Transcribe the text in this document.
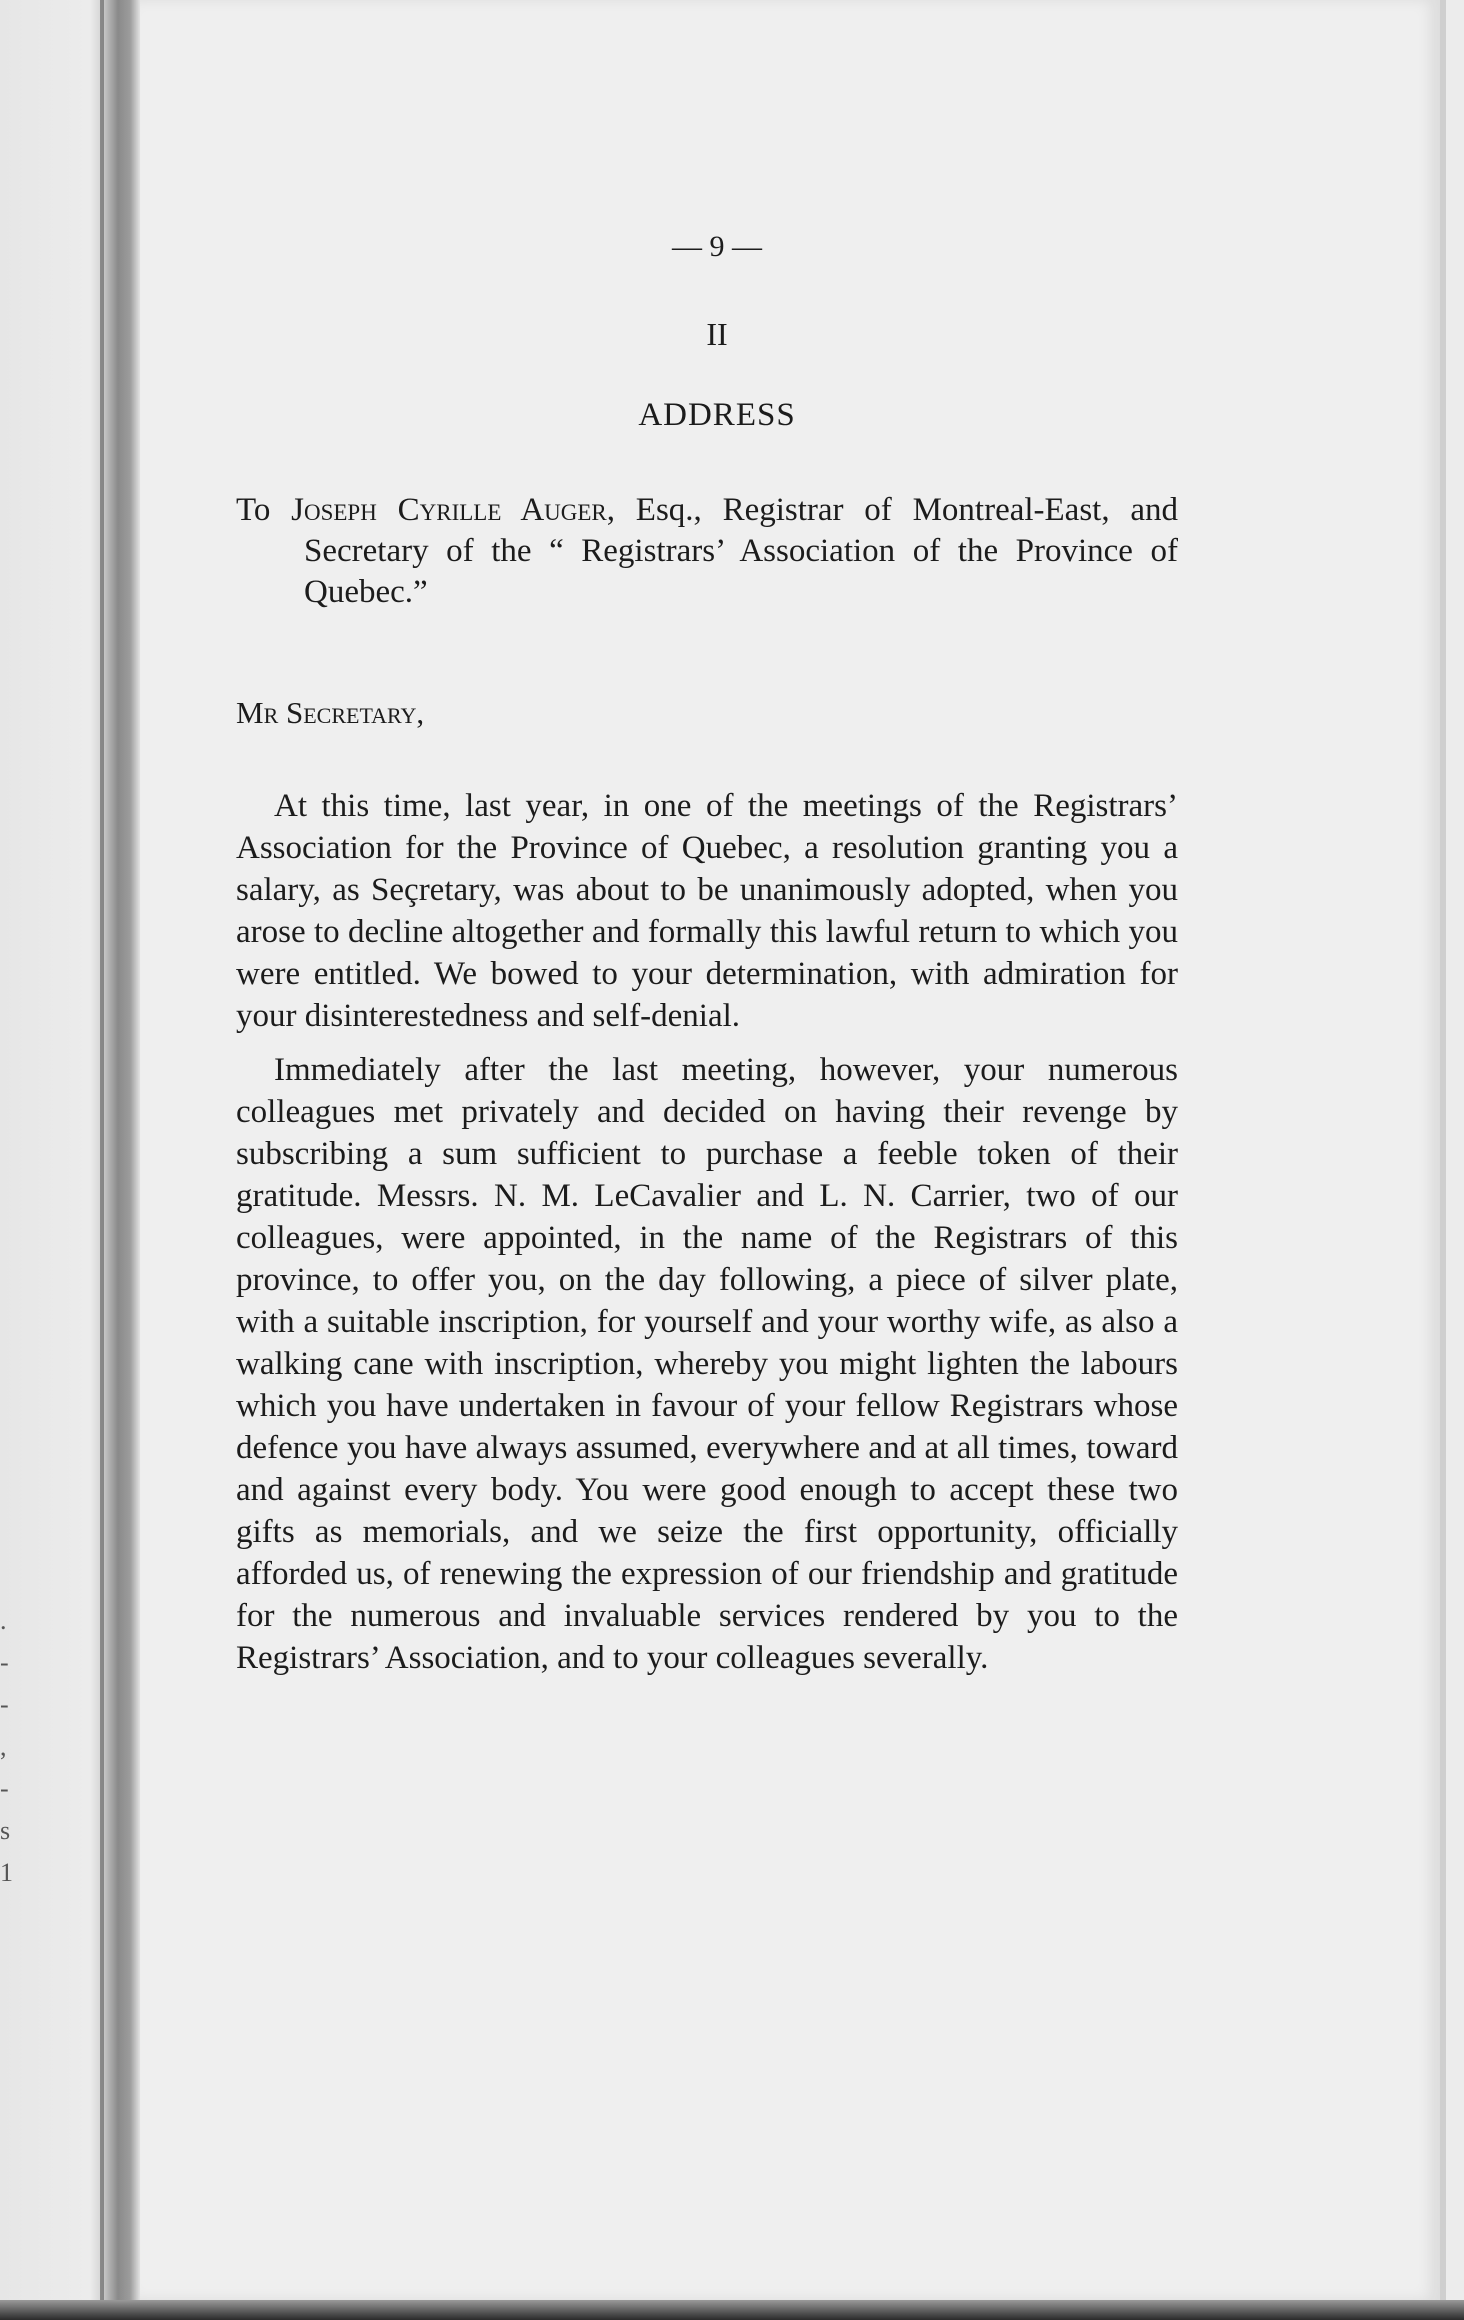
.
-
-
,
-
s
1
— 9 —
II
ADDRESS
To Joseph Cyrille Auger, Esq., Registrar of Montreal-East, and Secretary of the “ Registrars’ Association of the Province of Quebec.”
Mr Secretary,

At this time, last year, in one of the meetings of the Registrars’ Association for the Province of Quebec, a resolution granting you a salary, as Seçretary, was about to be unanimously adopted, when you arose to decline altogether and formally this lawful return to which you were entitled. We bowed to your determination, with admiration for your disinterestedness and self-denial.

Immediately after the last meeting, however, your numerous colleagues met privately and decided on having their revenge by subscribing a sum sufficient to purchase a feeble token of their gratitude. Messrs. N. M. LeCavalier and L. N. Carrier, two of our colleagues, were appointed, in the name of the Registrars of this province, to offer you, on the day following, a piece of silver plate, with a suitable inscription, for yourself and your worthy wife, as also a walking cane with inscription, whereby you might lighten the labours which you have undertaken in favour of your fellow Registrars whose defence you have always assumed, everywhere and at all times, toward and against every body. You were good enough to accept these two gifts as memorials, and we seize the first opportunity, officially afforded us, of renewing the expression of our friendship and gratitude for the numerous and invaluable services rendered by you to the Registrars’ Association, and to your colleagues severally.
